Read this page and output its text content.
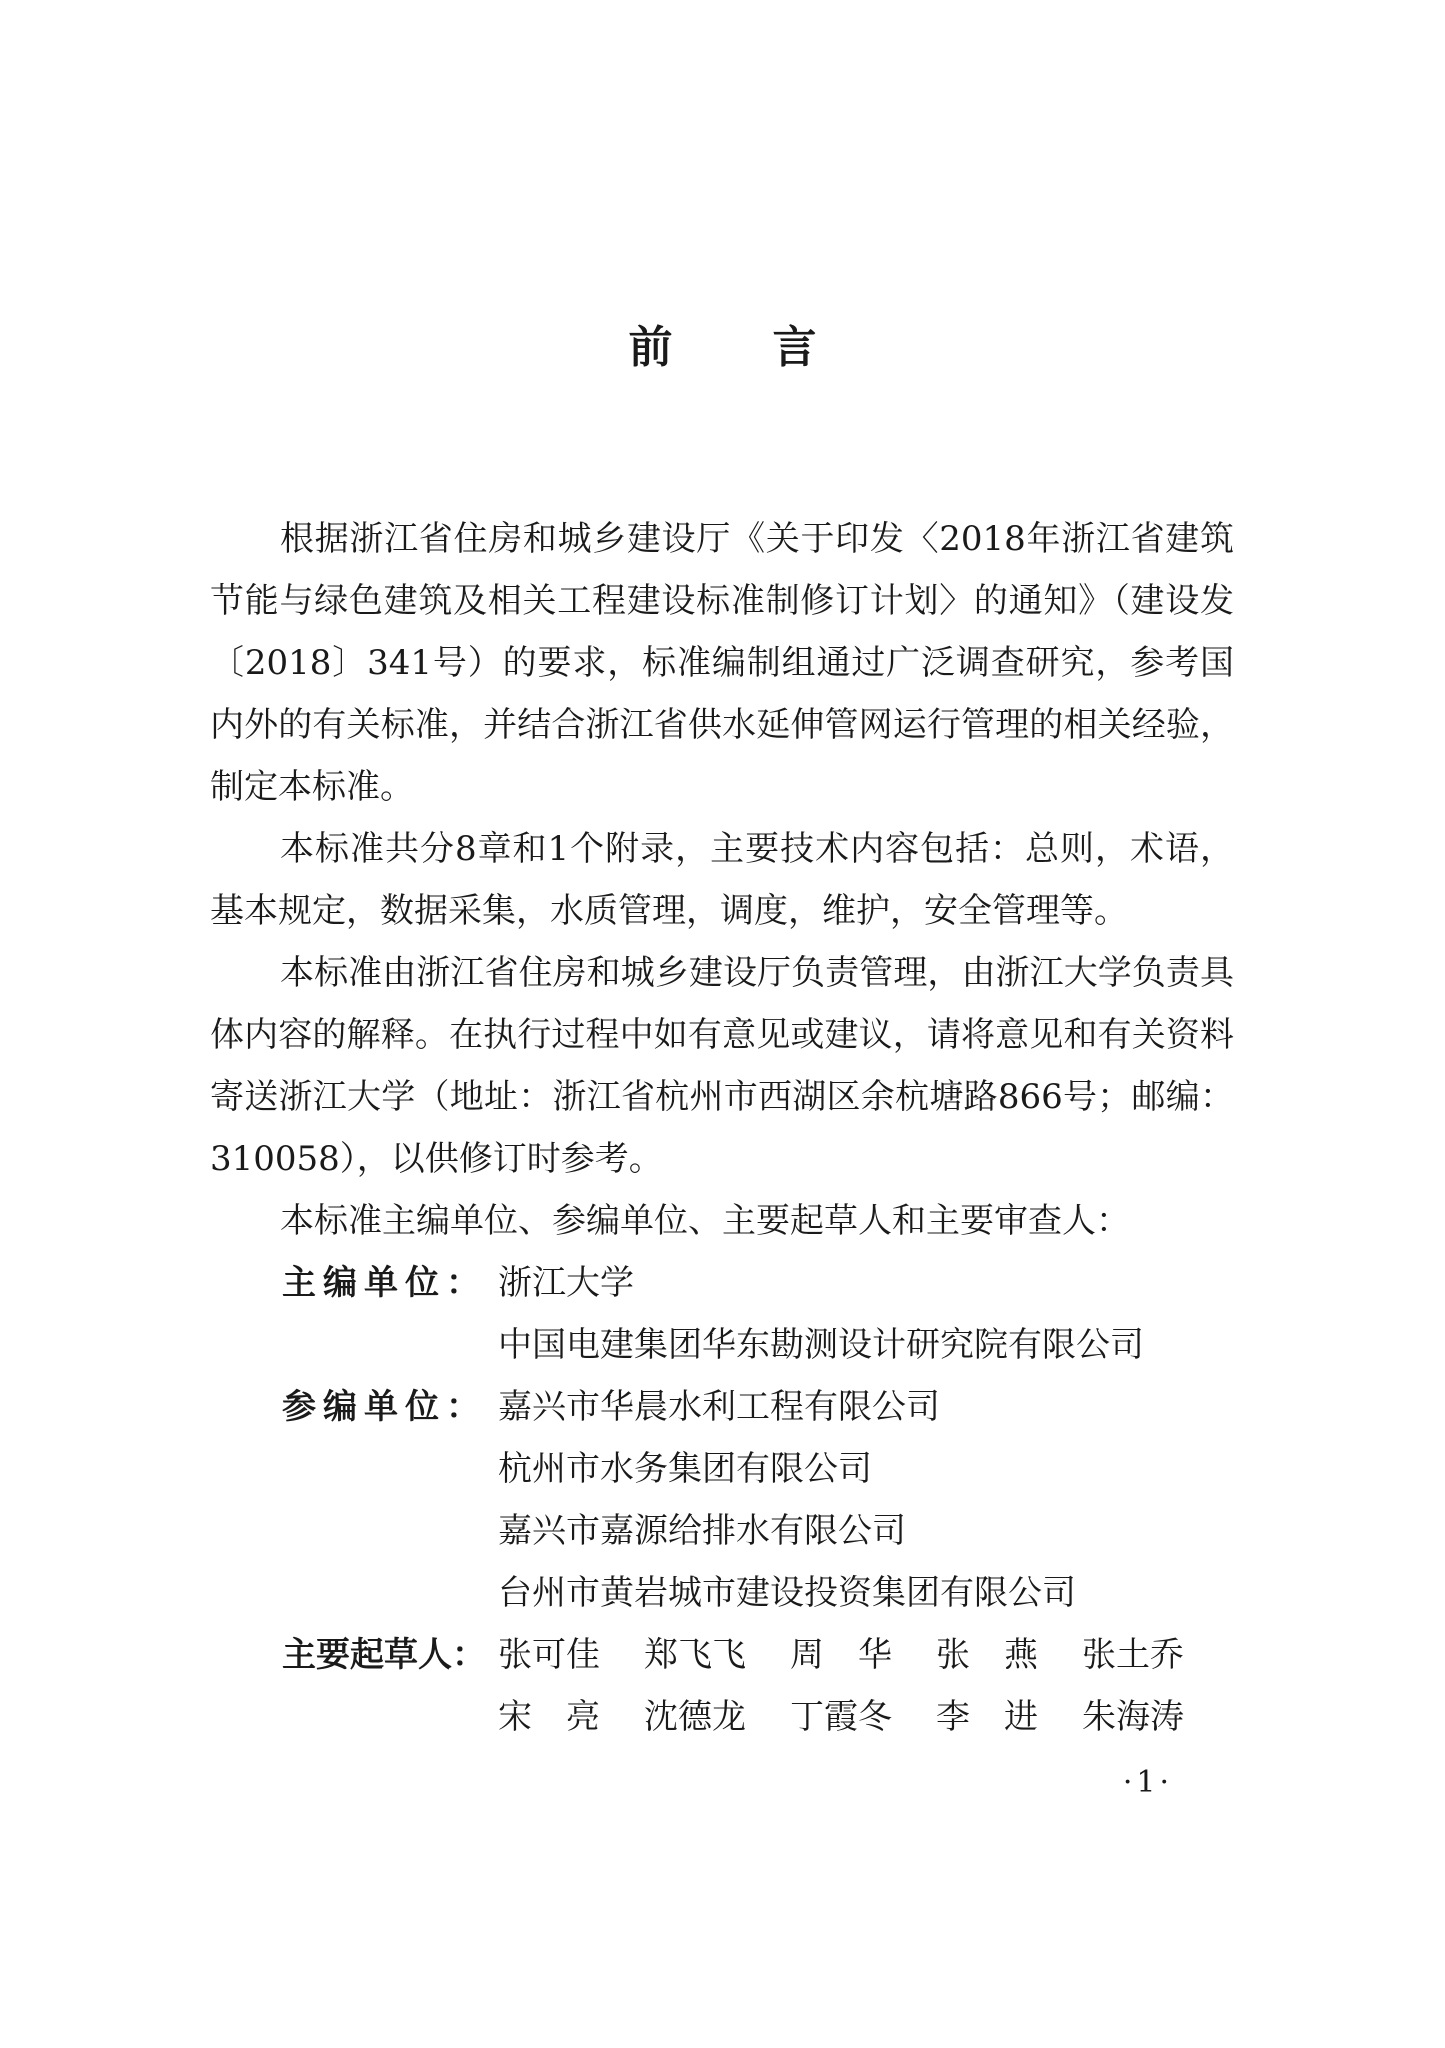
前言

根据浙江省住房和城乡建设厅《关于印发〈2018年浙江省建筑节能与绿色建筑及相关工程建设标准制修订计划〉的通知》（建设发〔2018〕341号）的要求，标准编制组通过广泛调查研究，参考国内外的有关标准，并结合浙江省供水延伸管网运行管理的相关经验，制定本标准。

本标准共分8章和1个附录，主要技术内容包括：总则，术语，基本规定，数据采集，水质管理，调度，维护，安全管理等。

本标准由浙江省住房和城乡建设厅负责管理，由浙江大学负责具体内容的解释。在执行过程中如有意见或建议，请将意见和有关资料寄送浙江大学（地址：浙江省杭州市西湖区余杭塘路866号；邮编：310058），以供修订时参考。

本标准主编单位、参编单位、主要起草人和主要审查人：

主编单位： 浙江大学
中国电建集团华东勘测设计研究院有限公司
参编单位： 嘉兴市华晨水利工程有限公司
杭州市水务集团有限公司
嘉兴市嘉源给排水有限公司
台州市黄岩城市建设投资集团有限公司
主要起草人： 张可佳	郑飞飞	周　华	张　燕	张土乔
宋　亮	沈德龙	丁霞冬	李　进	朱海涛
·1·
